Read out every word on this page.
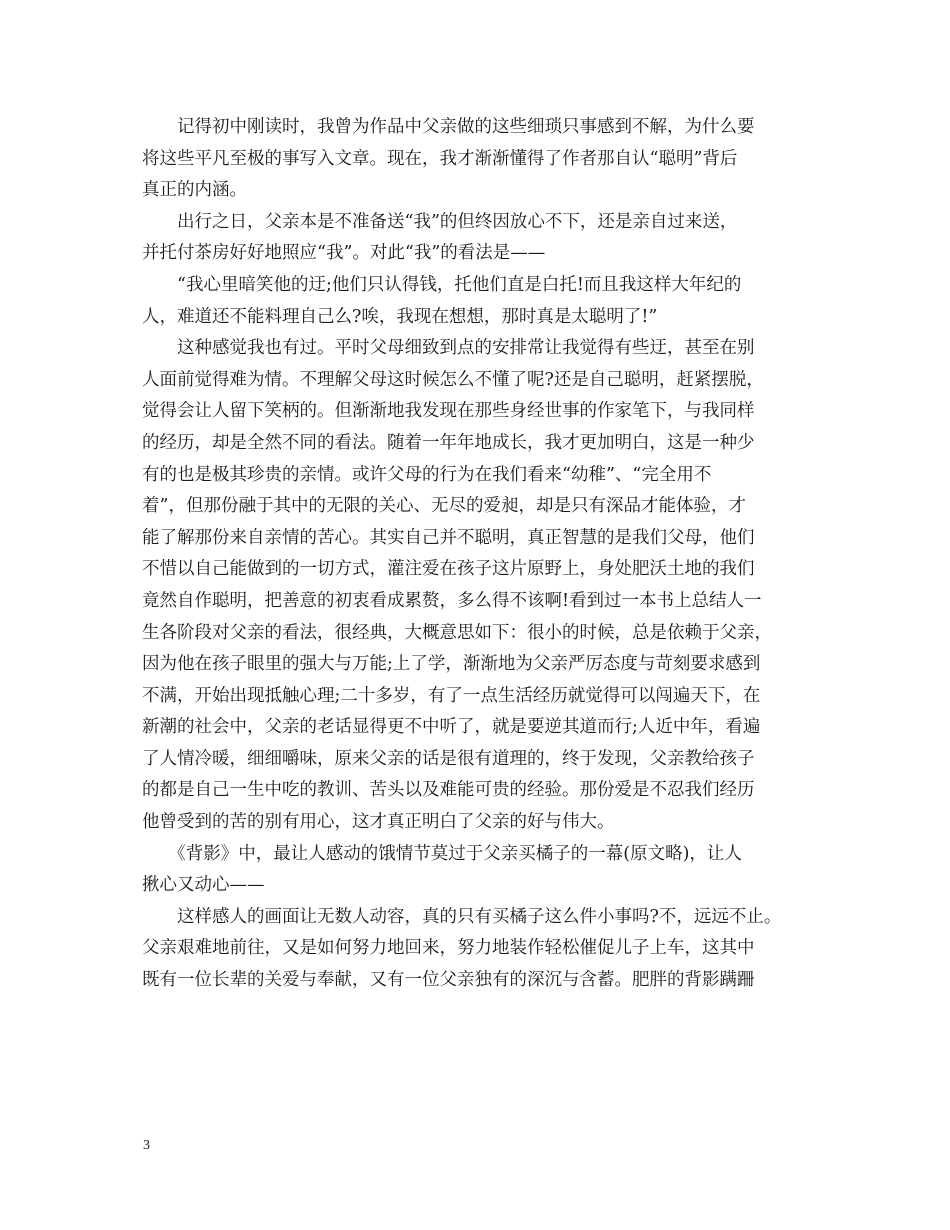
　　记得初中刚读时，我曾为作品中父亲做的这些细琐只事感到不解，为什么要

将这些平凡至极的事写入文章。现在，我才渐渐懂得了作者那自认“聪明”背后

真正的内涵。

　　出行之日，父亲本是不准备送“我”的但终因放心不下，还是亲自过来送，

并托付茶房好好地照应“我”。对此“我”的看法是——

　　“我心里暗笑他的迂;他们只认得钱，托他们直是白托!而且我这样大年纪的

人，难道还不能料理自己么?唉，我现在想想，那时真是太聪明了!”

　　这种感觉我也有过。平时父母细致到点的安排常让我觉得有些迂，甚至在别

人面前觉得难为情。不理解父母这时候怎么不懂了呢?还是自己聪明，赶紧摆脱，

觉得会让人留下笑柄的。但渐渐地我发现在那些身经世事的作家笔下，与我同样

的经历，却是全然不同的看法。随着一年年地成长，我才更加明白，这是一种少

有的也是极其珍贵的亲情。或许父母的行为在我们看来“幼稚”、“完全用不

着”，但那份融于其中的无限的关心、无尽的爱昶，却是只有深品才能体验，才

能了解那份来自亲情的苦心。其实自己并不聪明，真正智慧的是我们父母，他们

不惜以自己能做到的一切方式，灌注爱在孩子这片原野上，身处肥沃土地的我们

竟然自作聪明，把善意的初衷看成累赘，多么得不该啊!看到过一本书上总结人一

生各阶段对父亲的看法，很经典，大概意思如下：很小的时候，总是依赖于父亲，

因为他在孩子眼里的强大与万能;上了学，渐渐地为父亲严厉态度与苛刻要求感到

不满，开始出现抵触心理;二十多岁，有了一点生活经历就觉得可以闯遍天下，在

新潮的社会中，父亲的老话显得更不中听了，就是要逆其道而行;人近中年，看遍

了人情冷暖，细细嚼味，原来父亲的话是很有道理的，终于发现，父亲教给孩子

的都是自己一生中吃的教训、苦头以及难能可贵的经验。那份爱是不忍我们经历

他曾受到的苦的别有用心，这才真正明白了父亲的好与伟大。

　　《背影》中，最让人感动的饿情节莫过于父亲买橘子的一幕(原文略)，让人

揪心又动心——

　　这样感人的画面让无数人动容，真的只有买橘子这么件小事吗?不，远远不止。

父亲艰难地前往，又是如何努力地回来，努力地装作轻松催促儿子上车，这其中

既有一位长辈的关爱与奉献，又有一位父亲独有的深沉与含蓄。肥胖的背影蹒跚

3
